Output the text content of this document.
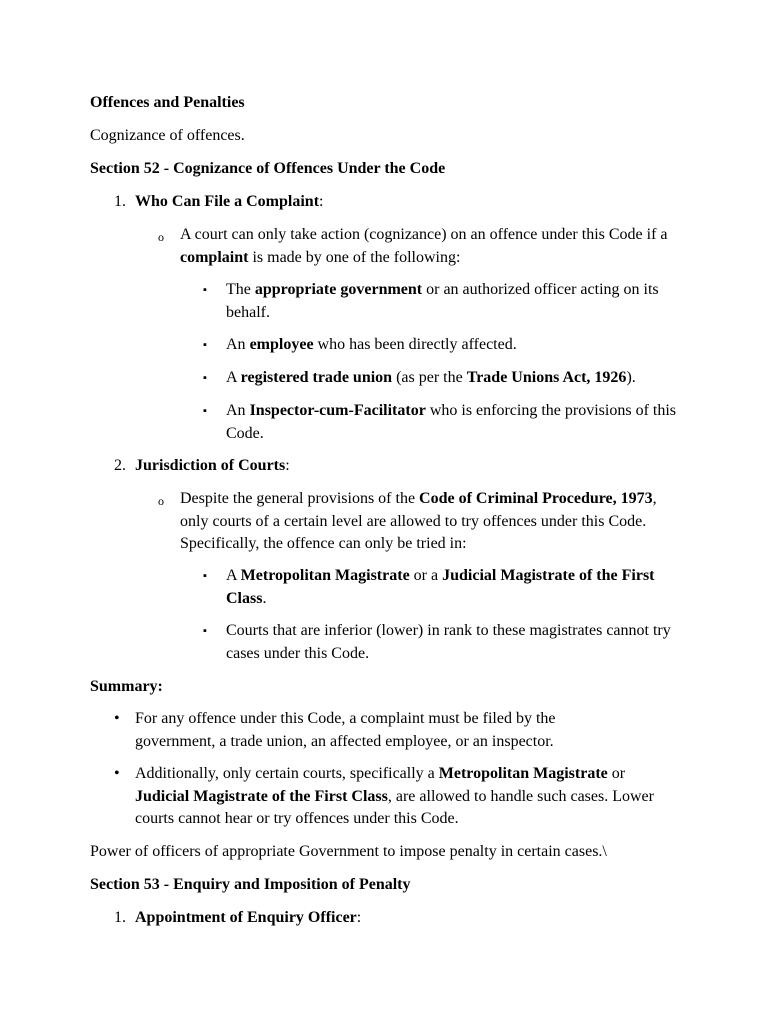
Offences and Penalties
Cognizance of offences.
Section 52 - Cognizance of Offences Under the Code
1. Who Can File a Complaint:
o A court can only take action (cognizance) on an offence under this Code if a complaint is made by one of the following:
▪ The appropriate government or an authorized officer acting on its behalf.
▪ An employee who has been directly affected.
▪ A registered trade union (as per the Trade Unions Act, 1926).
▪ An Inspector-cum-Facilitator who is enforcing the provisions of this Code.
2. Jurisdiction of Courts:
o Despite the general provisions of the Code of Criminal Procedure, 1973, only courts of a certain level are allowed to try offences under this Code. Specifically, the offence can only be tried in:
▪ A Metropolitan Magistrate or a Judicial Magistrate of the First Class.
▪ Courts that are inferior (lower) in rank to these magistrates cannot try cases under this Code.
Summary:
• For any offence under this Code, a complaint must be filed by the government, a trade union, an affected employee, or an inspector.
• Additionally, only certain courts, specifically a Metropolitan Magistrate or Judicial Magistrate of the First Class, are allowed to handle such cases. Lower courts cannot hear or try offences under this Code.
Power of officers of appropriate Government to impose penalty in certain cases.\
Section 53 - Enquiry and Imposition of Penalty
1. Appointment of Enquiry Officer:
